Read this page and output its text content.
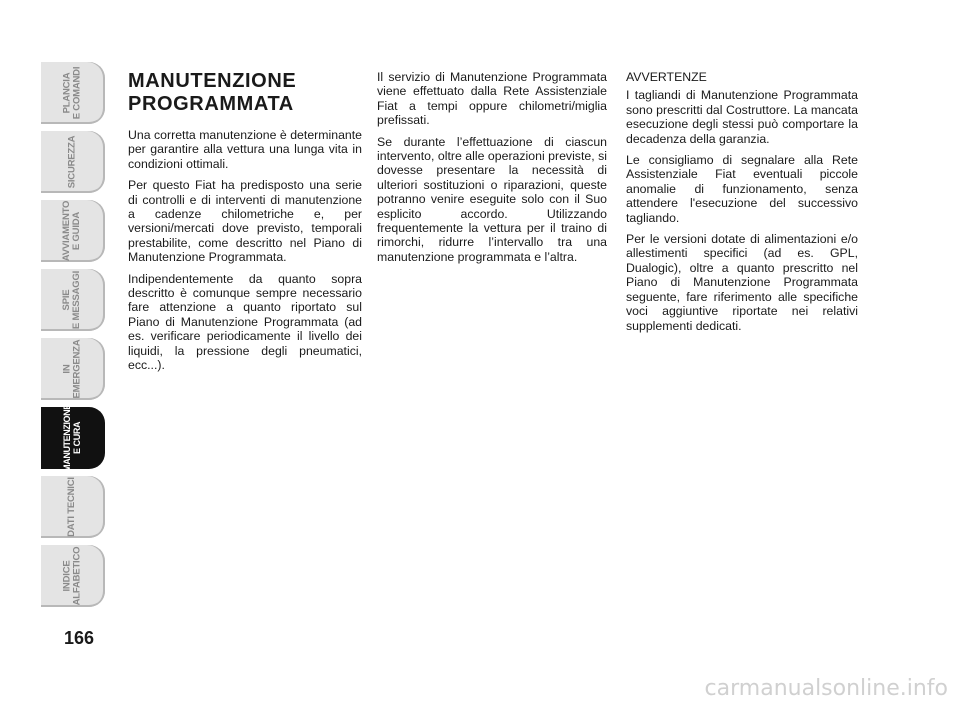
PLANCIA
E COMANDI
SICUREZZA
AVVIAMENTO
E GUIDA
SPIE
E MESSAGGI
IN
EMERGENZA
MANUTENZIONE
E CURA
DATI TECNICI
INDICE
ALFABETICO
166
MANUTENZIONE
PROGRAMMATA

Una corretta manutenzione è determinante per garantire alla vettura una lunga vita in condizioni ottimali.

Per questo Fiat ha predisposto una serie di controlli e di interventi di manutenzione a cadenze chilometriche e, per versioni/mercati dove previsto, temporali prestabilite, come descritto nel Piano di Manutenzione Programmata.

Indipendentemente da quanto sopra descritto è comunque sempre necessario fare attenzione a quanto riportato sul Piano di Manutenzione Programmata (ad es. verificare periodicamente il livello dei liquidi, la pressione degli pneumatici, ecc...).

Il servizio di Manutenzione Programmata viene effettuato dalla Rete Assistenziale Fiat a tempi oppure chilometri/miglia prefissati.

Se durante l’effettuazione di ciascun intervento, oltre alle operazioni previste, si dovesse presentare la necessità di ulteriori sostituzioni o riparazioni, queste potranno venire eseguite solo con il Suo esplicito accordo. Utilizzando frequentemente la vettura per il traino di rimorchi, ridurre l’intervallo tra una manutenzione programmata e l’altra.

AVVERTENZE

I tagliandi di Manutenzione Programmata sono prescritti dal Costruttore. La mancata esecuzione degli stessi può comportare la decadenza della garanzia.

Le consigliamo di segnalare alla Rete Assistenziale Fiat eventuali piccole anomalie di funzionamento, senza attendere l'esecuzione del successivo tagliando.

Per le versioni dotate di alimentazioni e/o allestimenti specifici (ad es. GPL, Dualogic), oltre a quanto prescritto nel Piano di Manutenzione Programmata seguente, fare riferimento alle specifiche voci aggiuntive riportate nei relativi supplementi dedicati.

carmanualsonline.info
